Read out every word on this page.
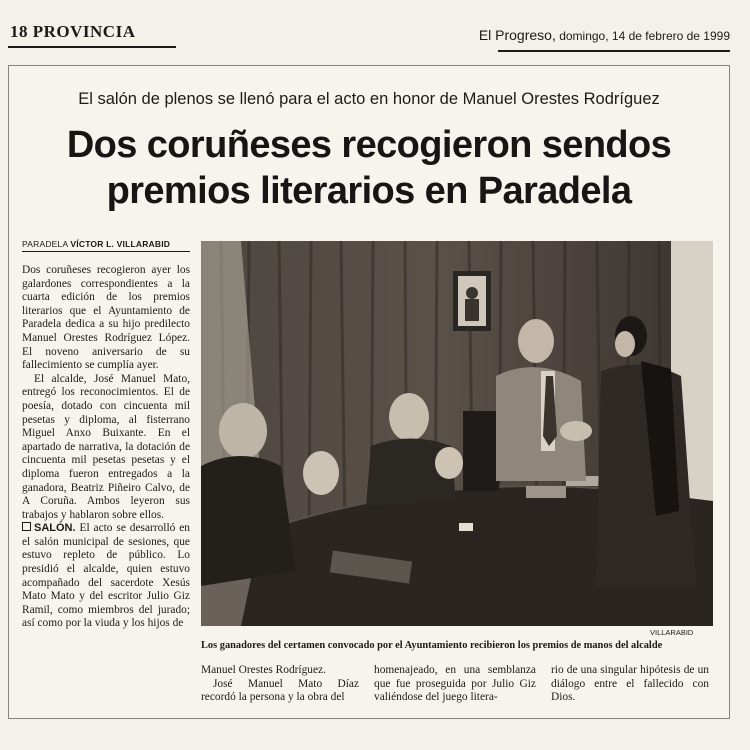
18 PROVINCIA	El Progreso, domingo, 14 de febrero de 1999
El salón de plenos se llenó para el acto en honor de Manuel Orestes Rodríguez
Dos coruñeses recogieron sendos
premios literarios en Paradela
PARADELA VÍCTOR L. VILLARABID

Dos coruñeses recogieron ayer los galardones correspondientes a la cuarta edición de los premios literarios que el Ayuntamiento de Paradela dedica a su hijo predilecto Manuel Orestes Rodríguez López. El noveno aniversario de su fallecimiento se cumplía ayer.

El alcalde, José Manuel Mato, entregó los reconocimientos. El de poesía, dotado con cincuenta mil pesetas y diploma, al fisterrano Miguel Anxo Buixante. En el apartado de narrativa, la dotación de cincuenta mil pesetas pesetas y el diploma fueron entregados a la ganadora, Beatriz Piñeiro Calvo, de A Coruña. Ambos leyeron sus trabajos y hablaron sobre ellos.

SALÓN. El acto se desarrolló en el salón municipal de sesiones, que estuvo repleto de público. Lo presidió el alcalde, quien estuvo acompañado del sacerdote Xesús Mato Mato y del escritor Julio Giz Ramil, como miembros del jurado; así como por la viuda y los hijos de

VILLARABID
Los ganadores del certamen convocado por el Ayuntamiento recibieron los premios de manos del alcalde

Manuel Orestes Rodríguez.

José Manuel Mato Díaz recordó la persona y la obra del

homenajeado, en una semblanza que fue proseguida por Julio Giz valiéndose del juego litera-

rio de una singular hipótesis de un diálogo entre el fallecido con Dios.
